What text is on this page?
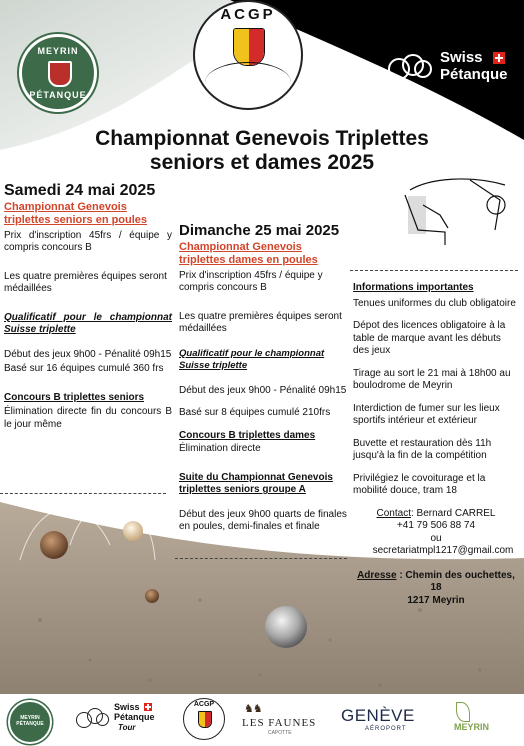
MEYRIN
PÉTANQUE
ACGP
Swiss
Pétanque
Championnat Genevois Triplettes
seniors et dames 2025
Samedi 24 mai 2025
Championnat Genevois triplettes seniors en poules

Prix d'inscription 45frs / équipe y compris concours B

Les quatre premières équipes seront médaillées

Qualificatif pour le championnat Suisse triplette

Début des jeux 9h00 - Pénalité 09h15

Basé sur 16 équipes cumulé 360 frs

Concours B triplettes seniors

Élimination directe fin du concours B le jour même

Dimanche 25 mai 2025
Championnat Genevois triplettes dames en poules

Prix d'inscription 45frs / équipe y compris concours B

Les quatre premières équipes seront médaillées

Qualificatif pour le championnat Suisse triplette

Début des jeux 9h00 - Pénalité 09h15

Basé sur 8 équipes cumulé 210frs

Concours B triplettes dames

Élimination directe

Suite du Championnat Genevois triplettes seniors groupe A

Début des jeux 9h00 quarts de finales en poules, demi-finales et finale

Informations importantes

Tenues uniformes du club obligatoire

Dépot des licences obligatoire à la table de marque avant les débuts des jeux

Tirage au sort le 21 mai à 18h00 au boulodrome de Meyrin

Interdiction de fumer sur les lieux sportifs intérieur et extérieur

Buvette et restauration dès 11h jusqu'à la fin de la compétition

Privilégiez le covoiturage et la mobilité douce, tram 18

Contact: Bernard CARREL
+41 79 506 88 74
ou
secretariatmpl1217@gmail.com
Adresse : Chemin des ouchettes, 18
1217 Meyrin
MEYRIN PÉTANQUE
Swiss
Pétanque
Tour
ACGP	♞♞
LES FAUNES
CAPOTTE
GENÈVE
AÉROPORT	MEYRIN
